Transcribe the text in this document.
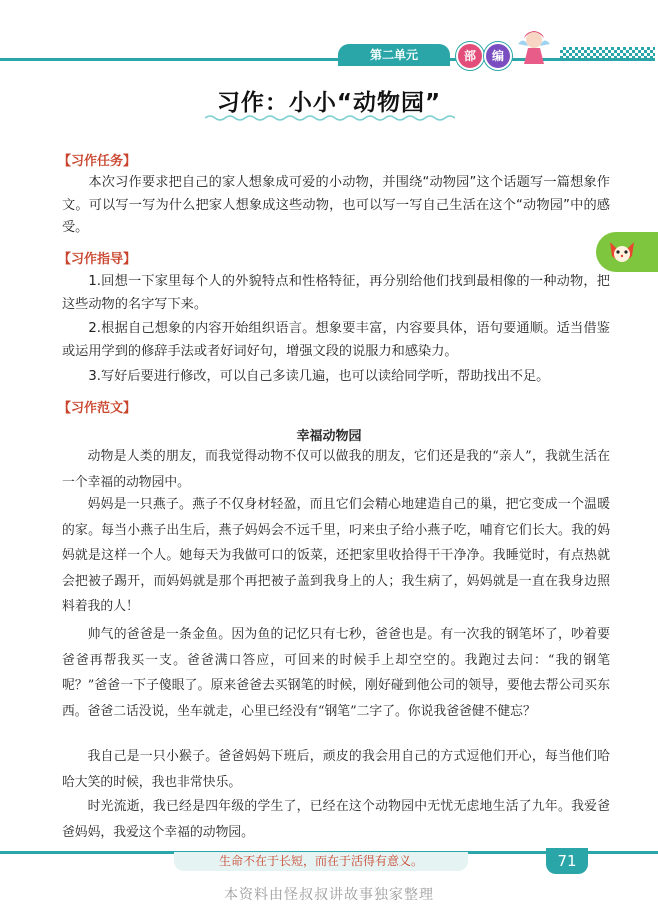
第二单元	部	编
习作：小小“动物园”
【习作任务】
本次习作要求把自己的家人想象成可爱的小动物，并围绕“动物园”这个话题写一篇想象作文。可以写一写为什么把家人想象成这些动物，也可以写一写自己生活在这个“动物园”中的感受。
【习作指导】
1.回想一下家里每个人的外貌特点和性格特征，再分别给他们找到最相像的一种动物，把这些动物的名字写下来。
2.根据自己想象的内容开始组织语言。想象要丰富，内容要具体，语句要通顺。适当借鉴或运用学到的修辞手法或者好词好句，增强文段的说服力和感染力。
3.写好后要进行修改，可以自己多读几遍，也可以读给同学听，帮助找出不足。
【习作范文】
幸福动物园
动物是人类的朋友，而我觉得动物不仅可以做我的朋友，它们还是我的“亲人”，我就生活在一个幸福的动物园中。
妈妈是一只燕子。燕子不仅身材轻盈，而且它们会精心地建造自己的巢，把它变成一个温暖的家。每当小燕子出生后，燕子妈妈会不远千里，叼来虫子给小燕子吃，哺育它们长大。我的妈妈就是这样一个人。她每天为我做可口的饭菜，还把家里收拾得干干净净。我睡觉时，有点热就会把被子踢开，而妈妈就是那个再把被子盖到我身上的人；我生病了，妈妈就是一直在我身边照料着我的人！
帅气的爸爸是一条金鱼。因为鱼的记忆只有七秒，爸爸也是。有一次我的钢笔坏了，吵着要爸爸再帮我买一支。爸爸满口答应，可回来的时候手上却空空的。我跑过去问：“我的钢笔呢？”爸爸一下子傻眼了。原来爸爸去买钢笔的时候，刚好碰到他公司的领导，要他去帮公司买东西。爸爸二话没说，坐车就走，心里已经没有“钢笔”二字了。你说我爸爸健不健忘？
我自己是一只小猴子。爸爸妈妈下班后，顽皮的我会用自己的方式逗他们开心，每当他们哈哈大笑的时候，我也非常快乐。
时光流逝，我已经是四年级的学生了，已经在这个动物园中无忧无虑地生活了九年。我爱爸爸妈妈，我爱这个幸福的动物园。
生命不在于长短，而在于活得有意义。	71
本资料由怪叔叔讲故事独家整理
